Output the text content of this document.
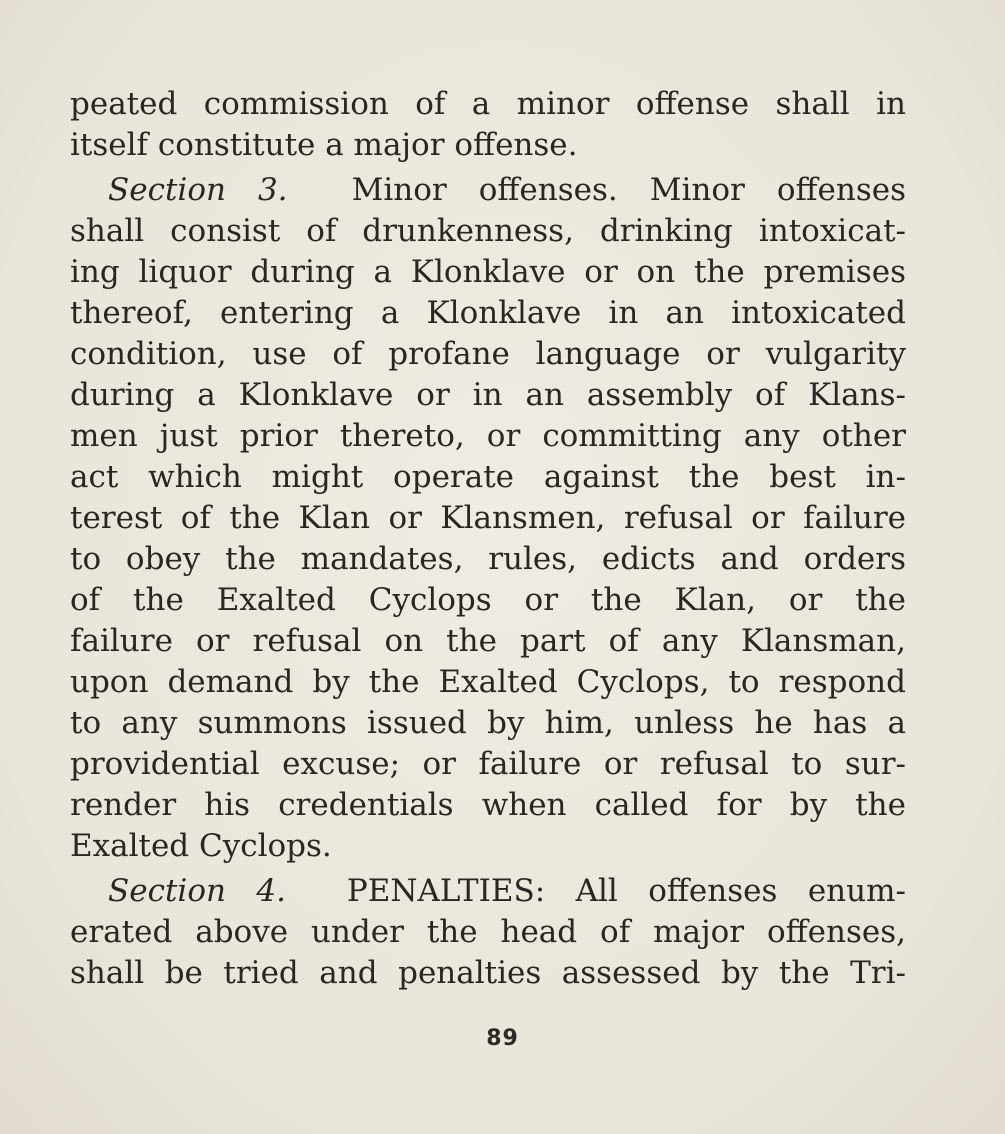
peated commission of a minor offense shall in
itself constitute a major offense.
Section 3. Minor offenses. Minor offenses
shall consist of drunkenness, drinking intoxicat-
ing liquor during a Klonklave or on the premises
thereof, entering a Klonklave in an intoxicated
condition, use of profane language or vulgarity
during a Klonklave or in an assembly of Klans-
men just prior thereto, or committing any other
act which might operate against the best in-
terest of the Klan or Klansmen, refusal or failure
to obey the mandates, rules, edicts and orders
of the Exalted Cyclops or the Klan, or the
failure or refusal on the part of any Klansman,
upon demand by the Exalted Cyclops, to respond
to any summons issued by him, unless he has a
providential excuse; or failure or refusal to sur-
render his credentials when called for by the
Exalted Cyclops.
Section 4. PENALTIES: All offenses enum-
erated above under the head of major offenses,
shall be tried and penalties assessed by the Tri-
89
